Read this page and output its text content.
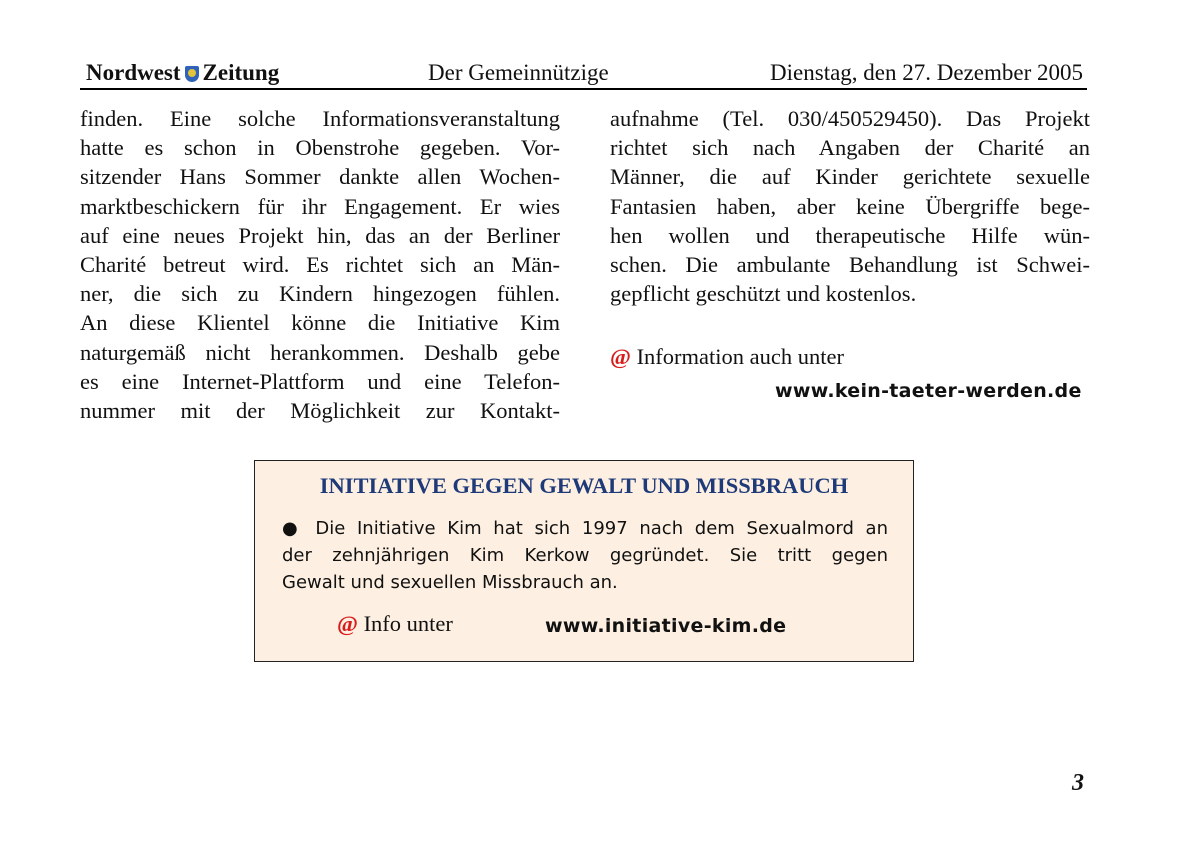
Nordwest Zeitung	Der Gemeinnützige	Dienstag, den 27. Dezember 2005
finden. Eine solche Informationsveranstaltung
hatte es schon in Obenstrohe gegeben. Vor-
sitzender Hans Sommer dankte allen Wochen-
marktbeschickern für ihr Engagement. Er wies
auf eine neues Projekt hin, das an der Berliner
Charité betreut wird. Es richtet sich an Män-
ner, die sich zu Kindern hingezogen fühlen.
An diese Klientel könne die Initiative Kim
naturgemäß nicht herankommen. Deshalb gebe
es eine Internet-Plattform und eine Telefon-
nummer mit der Möglichkeit zur Kontakt-
aufnahme (Tel. 030/450529450). Das Projekt
richtet sich nach Angaben der Charité an
Männer, die auf Kinder gerichtete sexuelle
Fantasien haben, aber keine Übergriffe bege-
hen wollen und therapeutische Hilfe wün-
schen. Die ambulante Behandlung ist Schwei-
gepflicht geschützt und kostenlos.
@ Information auch unter
www.kein-taeter-werden.de
INITIATIVE GEGEN GEWALT UND MISSBRAUCH
● Die Initiative Kim hat sich 1997 nach dem Sexualmord an
der zehnjährigen Kim Kerkow gegründet. Sie tritt gegen
Gewalt und sexuellen Missbrauch an.
@ Info unter	www.initiative-kim.de
3
